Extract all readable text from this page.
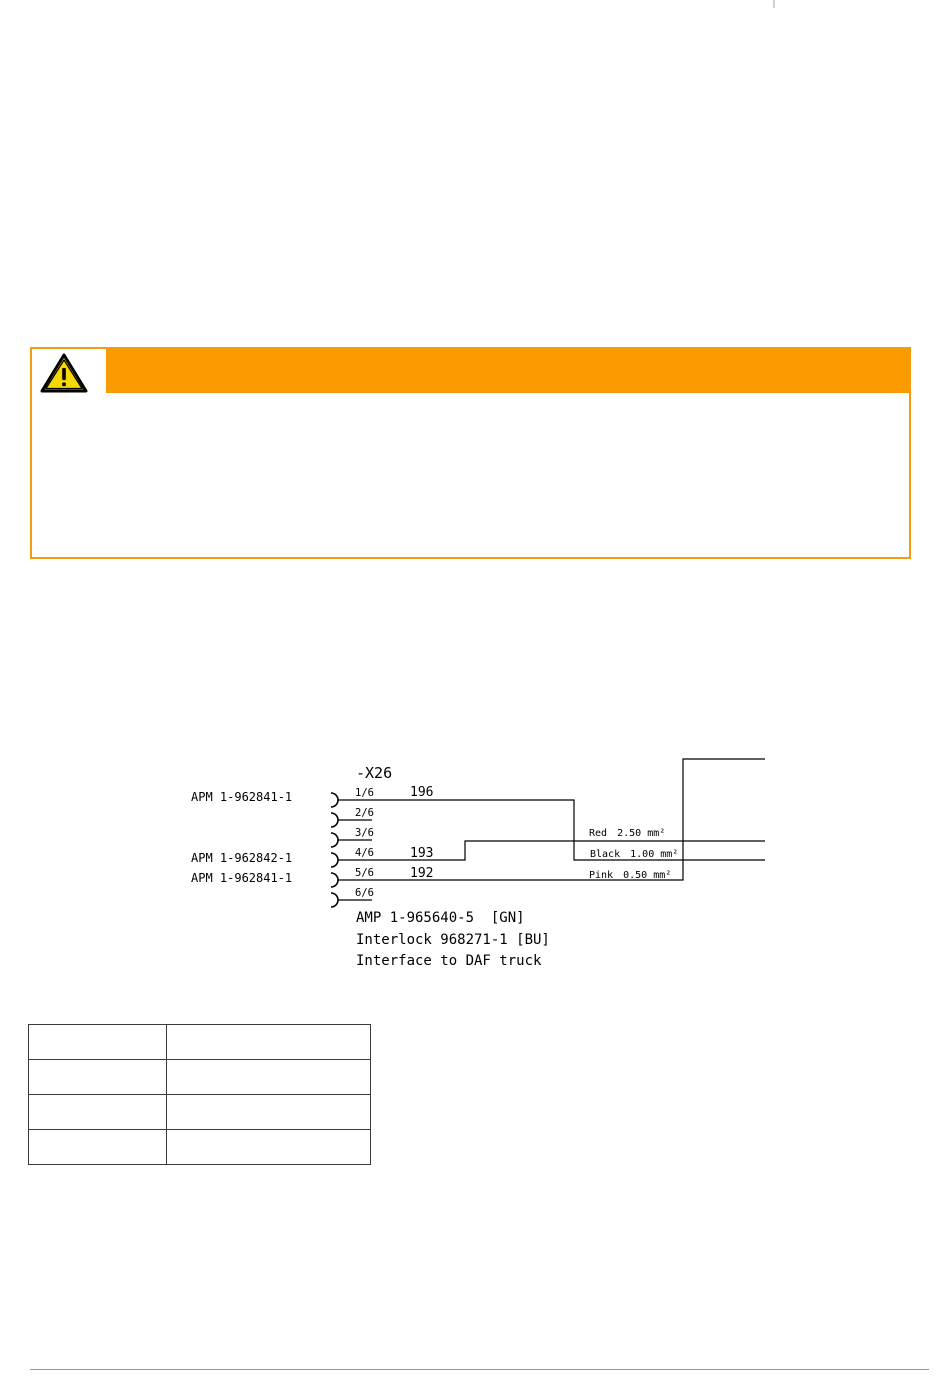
-X26
1/6
2/6
3/6
4/6
5/6
6/6
196
193
192
APM 1-962841-1
APM 1-962842-1
APM 1-962841-1
Red 2.50 mm²
Black 1.00 mm²
Pink 0.50 mm²
AMP 1-965640-5  [GN]
Interlock 968271-1 [BU]
Interface to DAF truck
